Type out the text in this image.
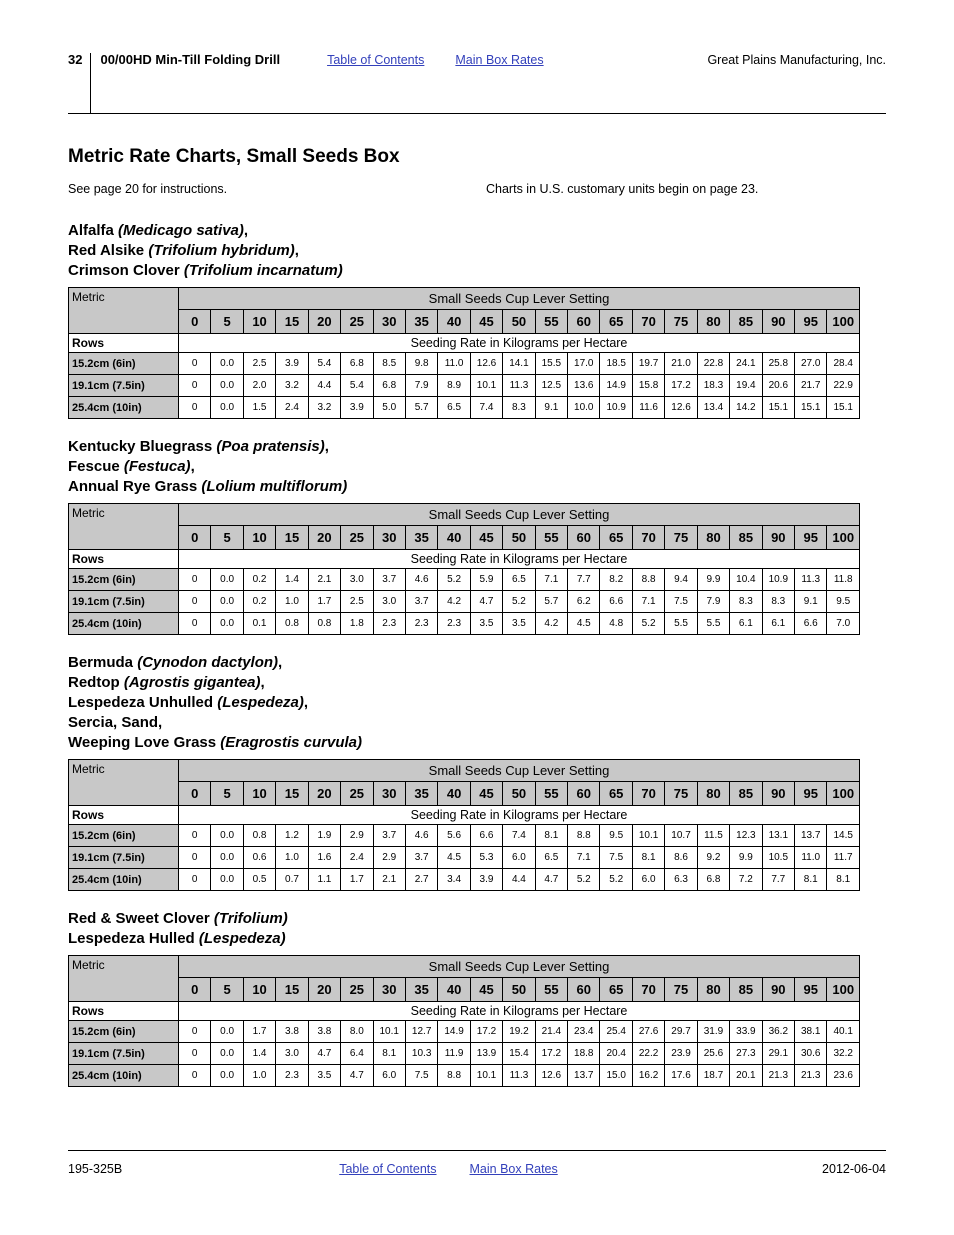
32 00/00HD Min-Till Folding Drill	Table of Contents Main Box Rates	Great Plains Manufacturing, Inc.
Metric Rate Charts, Small Seeds Box
See page 20 for instructions.	Charts in U.S. customary units begin on page 23.
Alfalfa (Medicago sativa),
Red Alsike (Trifolium hybridum),
Crimson Clover (Trifolium incarnatum)
Metric	Small Seeds Cup Lever Setting																				
	0	5	10	15	20	25	30	35	40	45	50	55	60	65	70	75	80	85	90	95	100
Rows	Seeding Rate in Kilograms per Hectare																				
15.2cm (6in)	0	0.0	2.5	3.9	5.4	6.8	8.5	9.8	11.0	12.6	14.1	15.5	17.0	18.5	19.7	21.0	22.8	24.1	25.8	27.0	28.4
19.1cm (7.5in)	0	0.0	2.0	3.2	4.4	5.4	6.8	7.9	8.9	10.1	11.3	12.5	13.6	14.9	15.8	17.2	18.3	19.4	20.6	21.7	22.9
25.4cm (10in)	0	0.0	1.5	2.4	3.2	3.9	5.0	5.7	6.5	7.4	8.3	9.1	10.0	10.9	11.6	12.6	13.4	14.2	15.1	15.1	15.1
Kentucky Bluegrass (Poa pratensis),
Fescue (Festuca),
Annual Rye Grass (Lolium multiflorum)
Metric	Small Seeds Cup Lever Setting																				
	0	5	10	15	20	25	30	35	40	45	50	55	60	65	70	75	80	85	90	95	100
Rows	Seeding Rate in Kilograms per Hectare																				
15.2cm (6in)	0	0.0	0.2	1.4	2.1	3.0	3.7	4.6	5.2	5.9	6.5	7.1	7.7	8.2	8.8	9.4	9.9	10.4	10.9	11.3	11.8
19.1cm (7.5in)	0	0.0	0.2	1.0	1.7	2.5	3.0	3.7	4.2	4.7	5.2	5.7	6.2	6.6	7.1	7.5	7.9	8.3	8.3	9.1	9.5
25.4cm (10in)	0	0.0	0.1	0.8	0.8	1.8	2.3	2.3	2.3	3.5	3.5	4.2	4.5	4.8	5.2	5.5	5.5	6.1	6.1	6.6	7.0
Bermuda (Cynodon dactylon),
Redtop (Agrostis gigantea),
Lespedeza Unhulled (Lespedeza),
Sercia, Sand,
Weeping Love Grass (Eragrostis curvula)
Metric	Small Seeds Cup Lever Setting																				
	0	5	10	15	20	25	30	35	40	45	50	55	60	65	70	75	80	85	90	95	100
Rows	Seeding Rate in Kilograms per Hectare																				
15.2cm (6in)	0	0.0	0.8	1.2	1.9	2.9	3.7	4.6	5.6	6.6	7.4	8.1	8.8	9.5	10.1	10.7	11.5	12.3	13.1	13.7	14.5
19.1cm (7.5in)	0	0.0	0.6	1.0	1.6	2.4	2.9	3.7	4.5	5.3	6.0	6.5	7.1	7.5	8.1	8.6	9.2	9.9	10.5	11.0	11.7
25.4cm (10in)	0	0.0	0.5	0.7	1.1	1.7	2.1	2.7	3.4	3.9	4.4	4.7	5.2	5.2	6.0	6.3	6.8	7.2	7.7	8.1	8.1
Red & Sweet Clover (Trifolium)
Lespedeza Hulled (Lespedeza)
Metric	Small Seeds Cup Lever Setting																				
	0	5	10	15	20	25	30	35	40	45	50	55	60	65	70	75	80	85	90	95	100
Rows	Seeding Rate in Kilograms per Hectare																				
15.2cm (6in)	0	0.0	1.7	3.8	3.8	8.0	10.1	12.7	14.9	17.2	19.2	21.4	23.4	25.4	27.6	29.7	31.9	33.9	36.2	38.1	40.1
19.1cm (7.5in)	0	0.0	1.4	3.0	4.7	6.4	8.1	10.3	11.9	13.9	15.4	17.2	18.8	20.4	22.2	23.9	25.6	27.3	29.1	30.6	32.2
25.4cm (10in)	0	0.0	1.0	2.3	3.5	4.7	6.0	7.5	8.8	10.1	11.3	12.6	13.7	15.0	16.2	17.6	18.7	20.1	21.3	21.3	23.6
195-325B	Table of Contents	Main Box Rates	2012-06-04
